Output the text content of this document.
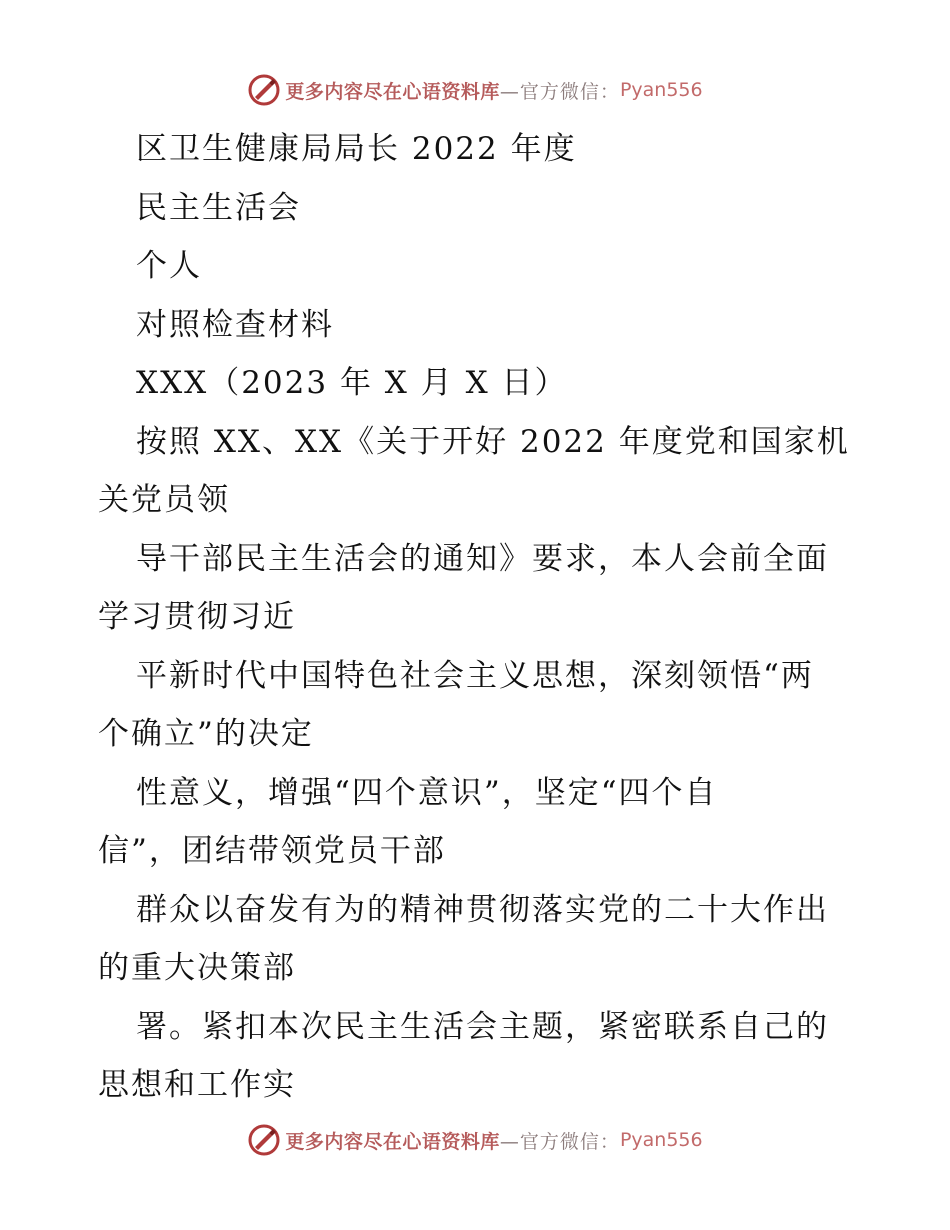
更多内容尽在心语资料库 —官方微信： Pyan556
区卫生健康局局长 2022 年度
民主生活会
个人
对照检查材料
XXX（2023 年 X 月 X 日）
按照 XX、XX《关于开好 2022 年度党和国家机
关党员领
导干部民主生活会的通知》要求，本人会前全面
学习贯彻习近
平新时代中国特色社会主义思想，深刻领悟“两
个确立”的决定
性意义，增强“四个意识”，坚定“四个自
信”，团结带领党员干部
群众以奋发有为的精神贯彻落实党的二十大作出
的重大决策部
署。紧扣本次民主生活会主题，紧密联系自己的
思想和工作实
更多内容尽在心语资料库 —官方微信： Pyan556
